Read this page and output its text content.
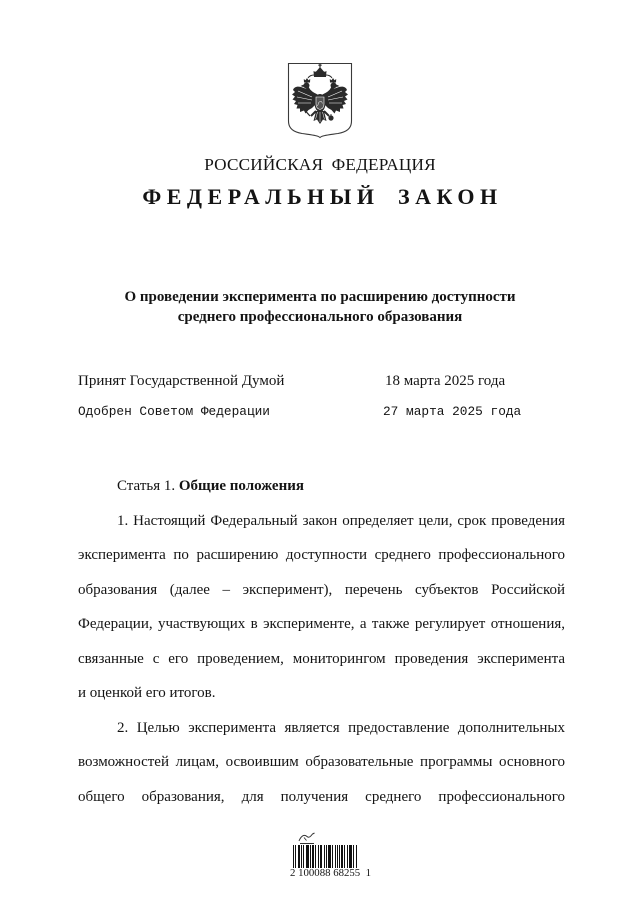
РОССИЙСКАЯ ФЕДЕРАЦИЯ
ФЕДЕРАЛЬНЫЙ ЗАКОН
О проведении эксперимента по расширению доступности
среднего профессионального образования
Принят Государственной Думой	18 марта 2025 года
Одобрен Советом Федерации	27 марта 2025 года
Статья 1. Общие положения
1. Настоящий Федеральный закон определяет цели, срок проведения
эксперимента по расширению доступности среднего профессионального
образования (далее – эксперимент), перечень субъектов Российской
Федерации, участвующих в эксперименте, а также регулирует отношения,
связанные с его проведением, мониторингом проведения эксперимента
и оценкой его итогов.
2. Целью эксперимента является предоставление дополнительных
возможностей лицам, освоившим образовательные программы основного
общего образования, для получения среднего профессионального
2 100088 68255  1
